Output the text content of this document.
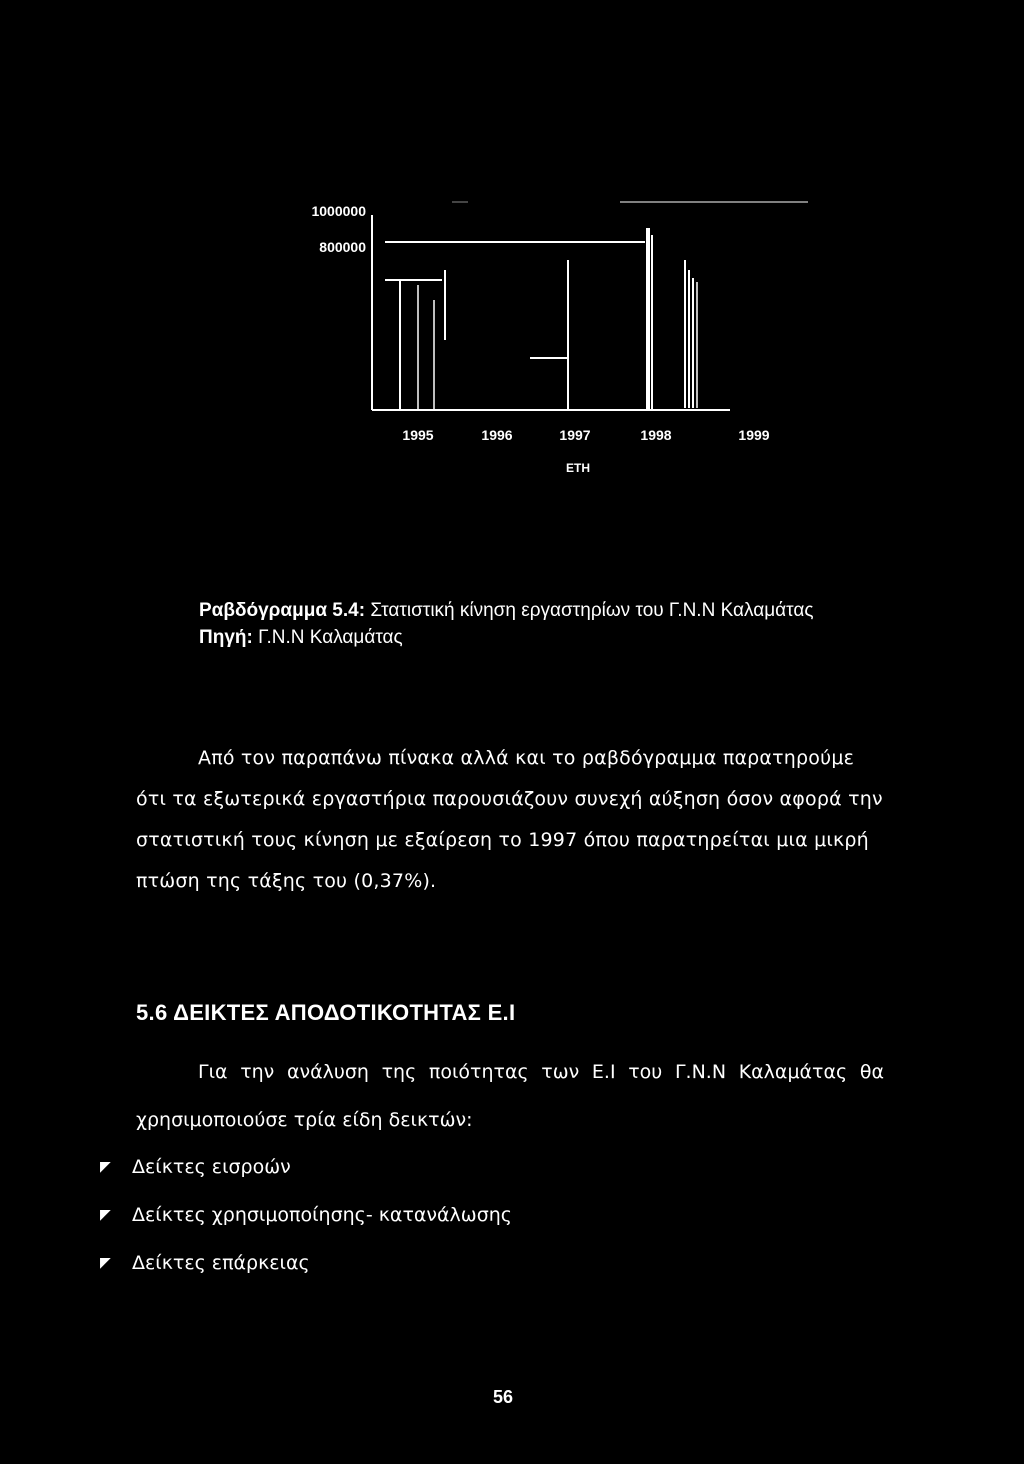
1000000
800000
1995	1996	1997	1998	1999
ΕΤΗ
Ραβδόγραμμα 5.4: Στατιστική κίνηση εργαστηρίων του Γ.Ν.Ν Καλαμάτας
Πηγή: Γ.Ν.Ν Καλαμάτας
Από τον παραπάνω πίνακα αλλά και το ραβδόγραμμα παρατηρούμε
ότι τα εξωτερικά εργαστήρια παρουσιάζουν συνεχή αύξηση όσον αφορά την
στατιστική τους κίνηση με εξαίρεση το 1997 όπου παρατηρείται μια μικρή
πτώση της τάξης του (0,37%).
5.6 ΔΕΙΚΤΕΣ ΑΠΟΔΟΤΙΚΟΤΗΤΑΣ Ε.Ι
Για την ανάλυση της ποιότητας των Ε.Ι του Γ.Ν.Ν Καλαμάτας θα
χρησιμοποιούσε τρία είδη δεικτών:
◤	Δείκτες εισροών
◤	Δείκτες χρησιμοποίησης- κατανάλωσης
◤	Δείκτες επάρκειας
56
